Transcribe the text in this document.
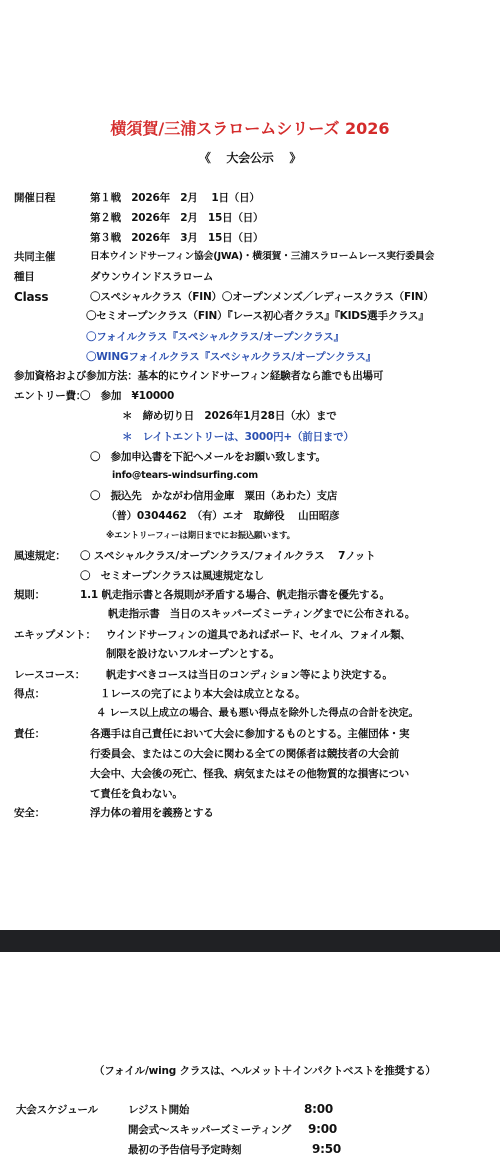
横須賀/三浦スラロームシリーズ 2026
《　 大会公示 　》
開催日程	第１戦　2026年　2月　 1日（日）
第２戦　2026年　2月　15日（日）
第３戦　2026年　3月　15日（日）
共同主催	日本ウインドサーフィン協会(JWA)・横須賀・三浦スラロームレース実行委員会
種目	ダウンウインドスラローム
Class	〇スペシャルクラス（FIN）〇オープンメンズ／レディースクラス（FIN）
〇セミオープンクラス（FIN）『レース初心者クラス』『KIDS選手クラス』
〇フォイルクラス『スペシャルクラス/オープンクラス』
〇WINGフォイルクラス『スペシャルクラス/オープンクラス』
参加資格および参加方法：基本的にウインドサーフィン経験者なら誰でも出場可
エントリー費：
〇　参加　¥10000
＊　締め切り日　2026年1月28日（水）まで
＊　レイトエントリーは、3000円+（前日まで）
〇　参加申込書を下記へメールをお願い致します。
info@tears-windsurfing.com
〇　振込先　かながわ信用金庫　粟田（あわた）支店
（普）0304462　（有）エオ　取締役　 山田昭彦
※エントリーフィーは期日までにお振込願います。
風速規定： 〇 スペシャルクラス/オープンクラス/フォイルクラス　 7ノット
〇　セミオープンクラスは風速規定なし
規則：	1.1 帆走指示書と各規則が矛盾する場合、帆走指示書を優先する。
帆走指示書　当日のスキッパーズミーティングまでに公布される。
エキップメント： ウインドサーフィンの道具であればボード、セイル、フォイル類、
制限を設けないフルオープンとする。
レースコース： 帆走すべきコースは当日のコンディション等により決定する。
得点：	１レースの完了により本大会は成立となる。
４ レース以上成立の場合、最も悪い得点を除外した得点の合計を決定。
責任：	各選手は自己責任において大会に参加するものとする。主催団体・実
行委員会、またはこの大会に関わる全ての関係者は競技者の大会前
大会中、大会後の死亡、怪我、病気またはその他物質的な損害につい
て責任を負わない。
安全：	浮力体の着用を義務とする
（フォイル/wing クラスは、ヘルメット＋インパクトベストを推奨する）
大会スケジュール	レジスト開始	8:00
開会式～スキッパーズミーティング 9:00
最初の予告信号予定時刻	9:50
